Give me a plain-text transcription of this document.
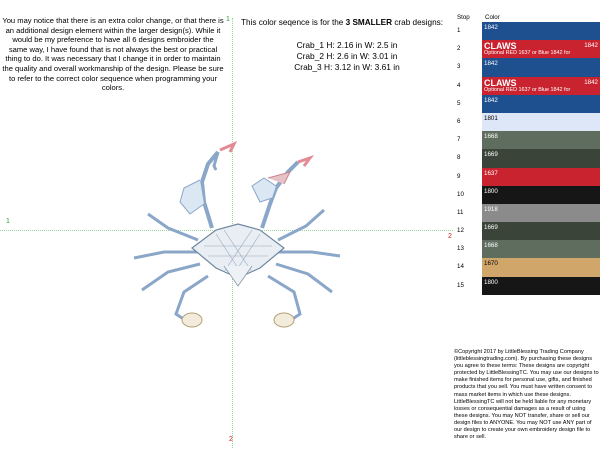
You may notice that there is an extra color change, or that there is an additional design element within the larger design(s). While it would be my preference to have all 6 designs embroider the same way, I have found that is not always the best or practical thing to do. It was necessary that I change it in order to maintain the quality and overall workmanship of the design. Please be sure to refer to the correct color sequence when programming your colors.
This color seqence is for the 3 SMALLER crab designs:
Crab_1 H: 2.16 in W: 2.5 in
Crab_2 H: 2.6 in W: 3.01 in
Crab_3 H: 3.12 in W: 3.61 in
1
1
2
2
Stop	Color
1	1842
2	CLAWS
Optional RED 1637 or Blue 1842 for
1842
3	1842
4	CLAWS
Optional RED 1637 or Blue 1842 for
1842
5	1842
6	1801
7	1668
8	1669
9	1637
10	1800
11	1918
12	1669
13	1668
14	1670
15	1800
©Copyright 2017 by LittleBlessing Trading Company (littleblessingtrading.com). By purchasing these designs you agree to these terms: These designs are copyright protected by LittleBlessingTC. You may use our designs to make finished items for personal use, gifts, and finished products that you sell. You must have written consent to mass market items in which use these designs. LittleBlessingTC will not be held liable for any monetary losses or consequential damages as a result of using these designs. You may NOT transfer, share or sell our design files to ANYONE. You may NOT use ANY part of our design to create your own embroidery design file to share or sell.
